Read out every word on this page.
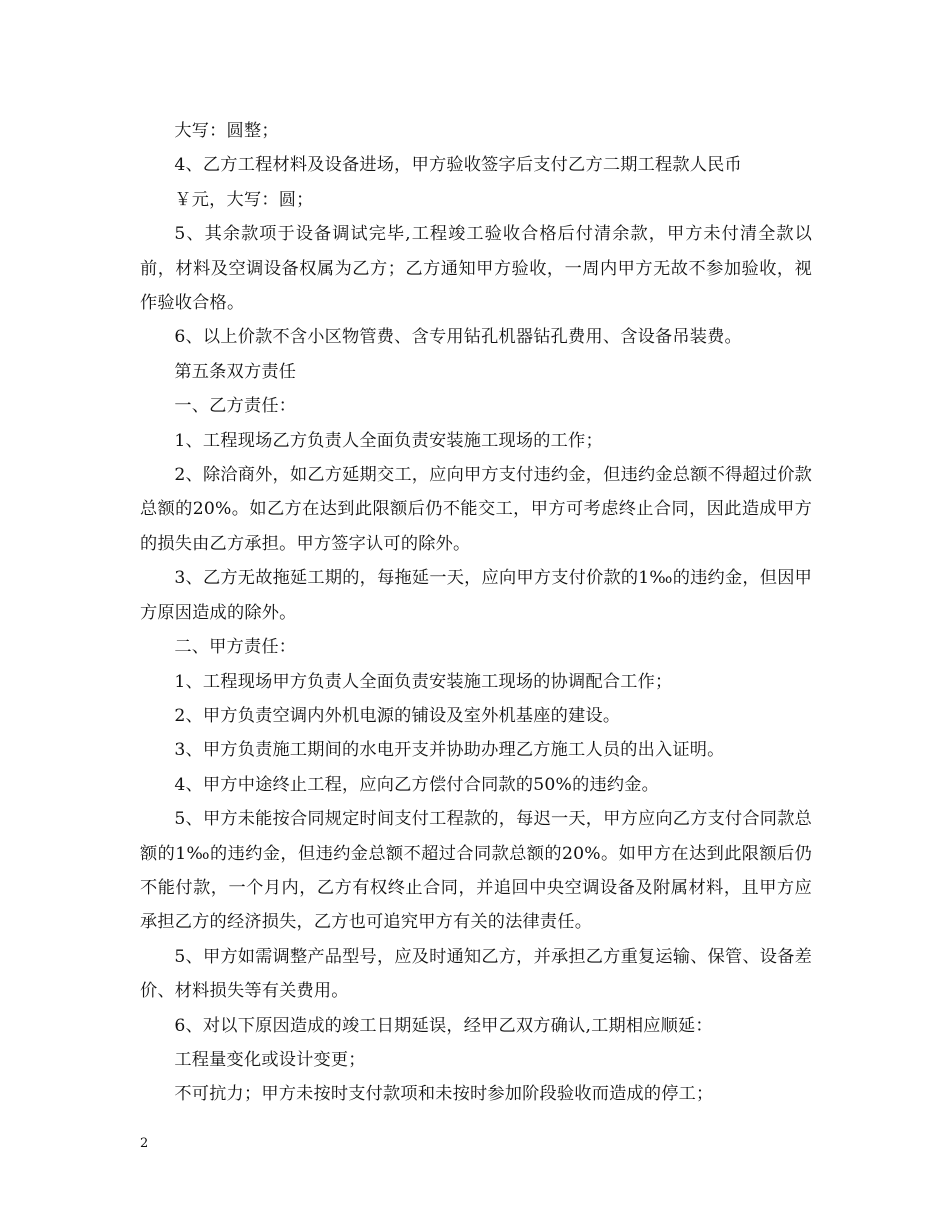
大写：圆整；

4、乙方工程材料及设备进场，甲方验收签字后支付乙方二期工程款人民币

￥元，大写：圆；

5、其余款项于设备调试完毕,工程竣工验收合格后付清余款，甲方未付清全款以前，材料及空调设备权属为乙方；乙方通知甲方验收，一周内甲方无故不参加验收，视作验收合格。

6、以上价款不含小区物管费、含专用钻孔机器钻孔费用、含设备吊装费。

第五条双方责任

一、乙方责任：

1、工程现场乙方负责人全面负责安装施工现场的工作；

2、除洽商外，如乙方延期交工，应向甲方支付违约金，但违约金总额不得超过价款总额的20%。如乙方在达到此限额后仍不能交工，甲方可考虑终止合同，因此造成甲方的损失由乙方承担。甲方签字认可的除外。

3、乙方无故拖延工期的，每拖延一天，应向甲方支付价款的1‰的违约金，但因甲方原因造成的除外。

二、甲方责任：

1、工程现场甲方负责人全面负责安装施工现场的协调配合工作；

2、甲方负责空调内外机电源的铺设及室外机基座的建设。

3、甲方负责施工期间的水电开支并协助办理乙方施工人员的出入证明。

4、甲方中途终止工程，应向乙方偿付合同款的50%的违约金。

5、甲方未能按合同规定时间支付工程款的，每迟一天，甲方应向乙方支付合同款总额的1‰的违约金，但违约金总额不超过合同款总额的20%。如甲方在达到此限额后仍不能付款，一个月内，乙方有权终止合同，并追回中央空调设备及附属材料，且甲方应承担乙方的经济损失，乙方也可追究甲方有关的法律责任。

5、甲方如需调整产品型号，应及时通知乙方，并承担乙方重复运输、保管、设备差价、材料损失等有关费用。

6、对以下原因造成的竣工日期延误，经甲乙双方确认,工期相应顺延：

工程量变化或设计变更；

不可抗力；甲方未按时支付款项和未按时参加阶段验收而造成的停工；

2
